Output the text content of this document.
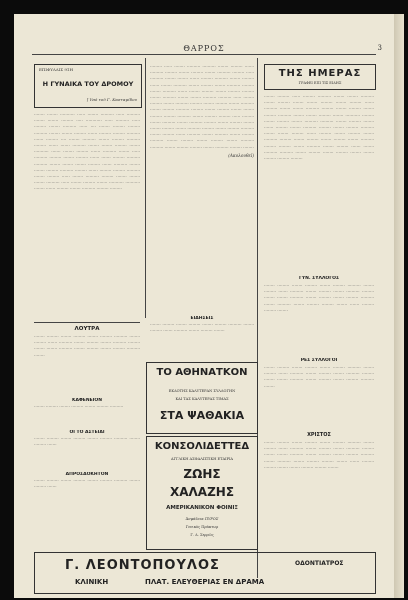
ΘΑΡΡΟΣ	3
ΕΠΙΦΥΛΛΙΣ 91Η
Η ΓΥΝΑΙΚΑ ΤΟΥ ΔΡΟΜΟΥ
[ Υπό τοῦ Γ. Κασταμίδου

········ ········ ··········· ······ ········ ·········· ······ ·········· ········ ········ ········· ····· ············ ······ ·········· ······ ········· ········ ·········· ······ ···· ········ ········· ········· ·········· ········ ········ ········· ······· ········· ········· ·········· ······· ········· ···· ········ ·········· ········ ········· ·········· ········· ······· ······· ·········· ········ ········ ········· ········ ··········· ······· ········ ········· ······· ·········· ········ ······ ·········· ········· ········ ········· ······· ······· ········· ·········· ·········· ········ ········ ········ ········· ······· ·········· ········ ········ ········· ·········· ········· ······· ········· ········· ·········· ········ ········· ······ ········ ·········· ········· ········ ········ ········ ·········· ······ ········ ········· ········ ··········· ··········· ········ ······· ········· ········ ·········· ········· ·········

········· ······ ········ ·········· ·········· ········ ········· ······· ·········· ········· ········ ········· ········ ·········· ········· ······ ·········· ········ ········ ······· ········· ·········· ········ ········· ······· ········ ·········· ········ ········· ········ ·········· ········· ········ ·········· ······· ········ ········· ········ ········· ········· ········ ·········· ········ ········ ·········· ·········· ······ ········ ········· ········ ·········· ········· ········ ········· ········ ·········· ········ ········· ·········· ········· ········ ········· ········ ········ ········· ········· ·········· ········ ········· ········· ······ ········· ········ ·········· ········ ·········· ········· ········ ········· ········ ········ ········· ········ ·········· ········· ········ ········· ·········· ········ ········· ······· ·········· ········ ·········· ········ ········· ·········· ········ ········· ········ ········· ········ ·········· ·········· ········ ········· ········· ········ ·········· ········· ········

(Ακολουθεῖ)
ΤΗΣ ΗΜΕΡΑΣ
ΓΡΑΦΕΙ ΕΠΙ ΤΙΣ ΕΙΔΗΣ

········ ········· ······ ········· ·········· ········ ········ ·········· ········ ········· ········ ········ ········· ········ ········· ······· ·········· ········ ········ ·········· ········· ········ ········· ········ ········· ·········· ········ ········ ········· ········ ··········· ········· ········ ········· ········ ·········· ·········· ········ ········· ········ ······· ········· ········ ·········· ········· ········ ········· ·········· ········ ········ ········· ······· ········· ········ ········· ········ ·········· ········· ········ ········· ········ ········· ········ ·········· ········· ········· ········ ·········· ········ ········· ······· ········ ·········· ·········· ········ ········· ········ ········· ········ ········ ········· ········· ·········

ΓΥΝ. ΣΥΛΛΟΓΟΣ

········ ········· ········ ········· ········ ········· ·········· ········ ········· ······· ·········· ········ ········· ········ ·········· ········· ········ ········ ·········· ········ ········· ········ ········· ·········· ········ ·········· ········ ········· ········· ········ ······· ········· ········· ········

ΡΕΣ ΣΥΛΛΟΓΟΙ

········ ········· ········ ········· ········ ········· ·········· ········ ········· ······· ·········· ········ ········· ········ ·········· ········· ········ ········ ·········· ········ ········· ········ ········· ·········· ········

ΧΡΙΣΤΟΣ

········ ········· ········ ········· ········ ········· ·········· ········ ········· ······· ·········· ········ ········· ········ ·········· ········· ········ ········ ·········· ········ ········· ········ ········· ·········· ········ ·········· ········ ········· ········· ········ ······· ········· ········· ········ ········ ········· ········· ········

ΕΙΔΗΣΕΙΣ

········ ········· ········ ········· ········ ········· ·········· ········ ········· ······· ·········· ········ ········· ········

ΛΟΥΤΡΑ

········ ········· ········ ········· ········ ········· ·········· ········ ········· ······· ·········· ········ ········· ········ ·········· ········· ········ ········ ·········· ········ ········· ········ ········· ·········· ········

ΚΑΦΕΝΕΙΟΝ

········ ········· ········ ········· ········ ········· ··········

ΟΙ ΤΟ ΑΣΤΕΙΑΙ

········ ········· ········ ········· ········ ········· ·········· ········ ········· ·······

ΑΠΡΟΣΔΟΚΗΤΟΝ

········ ········· ········ ········· ········ ········· ·········· ········ ········· ·······

ΤΟ ΑΘΗΝΑΤΚΟΝ
ΕΚΔΟΤΗΣ ΚΑΛΥΤΕΡΑΝ ΣΥΛΛΟΓΗΝ
ΚΑΙ ΤΑΣ ΚΑΛΥΤΕΡΑΣ ΤΙΜΑΣ
ΣΤΑ ΨΑΘΑΚΙΑ
ΚΟΝΣΟΛΙΔΕΤΤΕΔ
ΑΓΓΛΙΚΗ ΑΣΦΑΛΙΣΤΙΚΗ ΕΤΑΙΡΙΑ
ΖΩΗΣ
ΧΑΛΑΖΗΣ
ΑΜΕΡΙΚΑΝΙΚΟΝ ΦΟΙΝΙΞ
Ἀσφάλεια ΠΥΡΟΣ
Γενικὸς Πράκτωρ
Γ. Δ. Σερρῶς
Γ. ΛΕΟΝΤΟΠΟΥΛΟΣ	ΟΔΟΝΤΙΑΤΡΟΣ
ΚΛΙΝΙΚΗ	ΠΛΑΤ. ΕΛΕΥΘΕΡΙΑΣ ΕΝ ΔΡΑΜΑ
